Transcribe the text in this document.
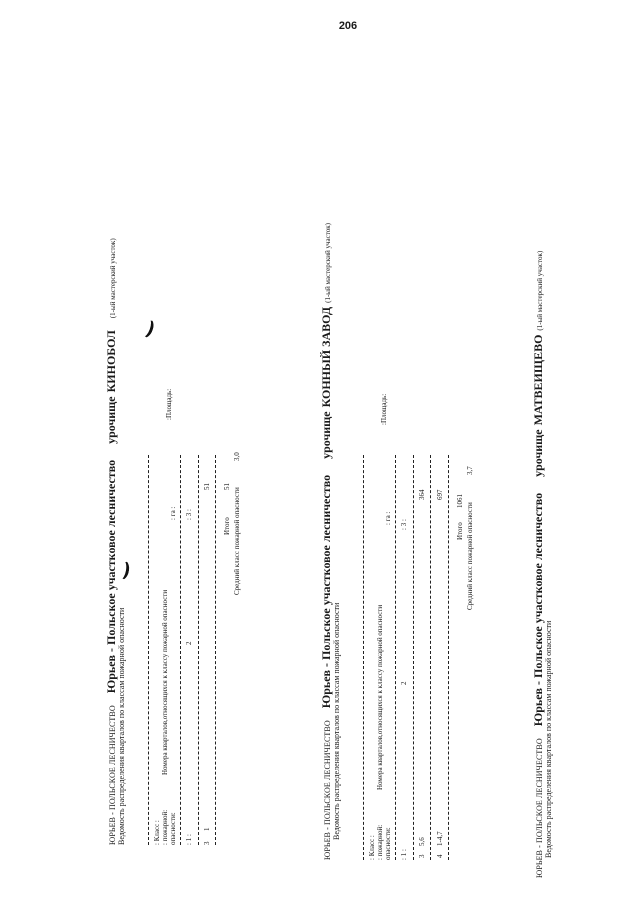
206
ЮРЬЕВ - ПОЛЬСКОЕ ЛЕСНИЧЕСТВО   Юрьев - Польское участковое лесничество    урочище КИНОБОЛ   (1-ый мастерский участок)
Ведомость распределения кварталов по классам пожарной опасности	: Класс : : пожарной: опасности:
Номера кварталов,относящихся к классу пожарной опасности
: га :
:Площадь:
: 1 :
2
: 3 :
3
1
51
Итого
51
Средний класс пожарной опасности
3,0
ЮРЬЕВ - ПОЛЬСКОЕ ЛЕСНИЧЕСТВО   Юрьев - Польское участковое лесничество    урочище КОННЫЙ ЗАВОД (1-ый мастерский участок)
Ведомость распределения кварталов по классам пожарной опасности
: Класс : : пожарной: опасности:
Номера кварталов,относящихся к классу пожарной опасности
: га :
:Площадь:
: 1 :
2
: 3 :
3
5,6
364
4
1-4,7
697
Итого
1061
Средний класс пожарной опасности
3,7
ЮРЬЕВ - ПОЛЬСКОЕ ЛЕСНИЧЕСТВО   Юрьев - Польское участковое лесничество    урочище МАТВЕИЩЕВО (1-ый мастерский участок)
Ведомость распределения кварталов по классам пожарной опасности
